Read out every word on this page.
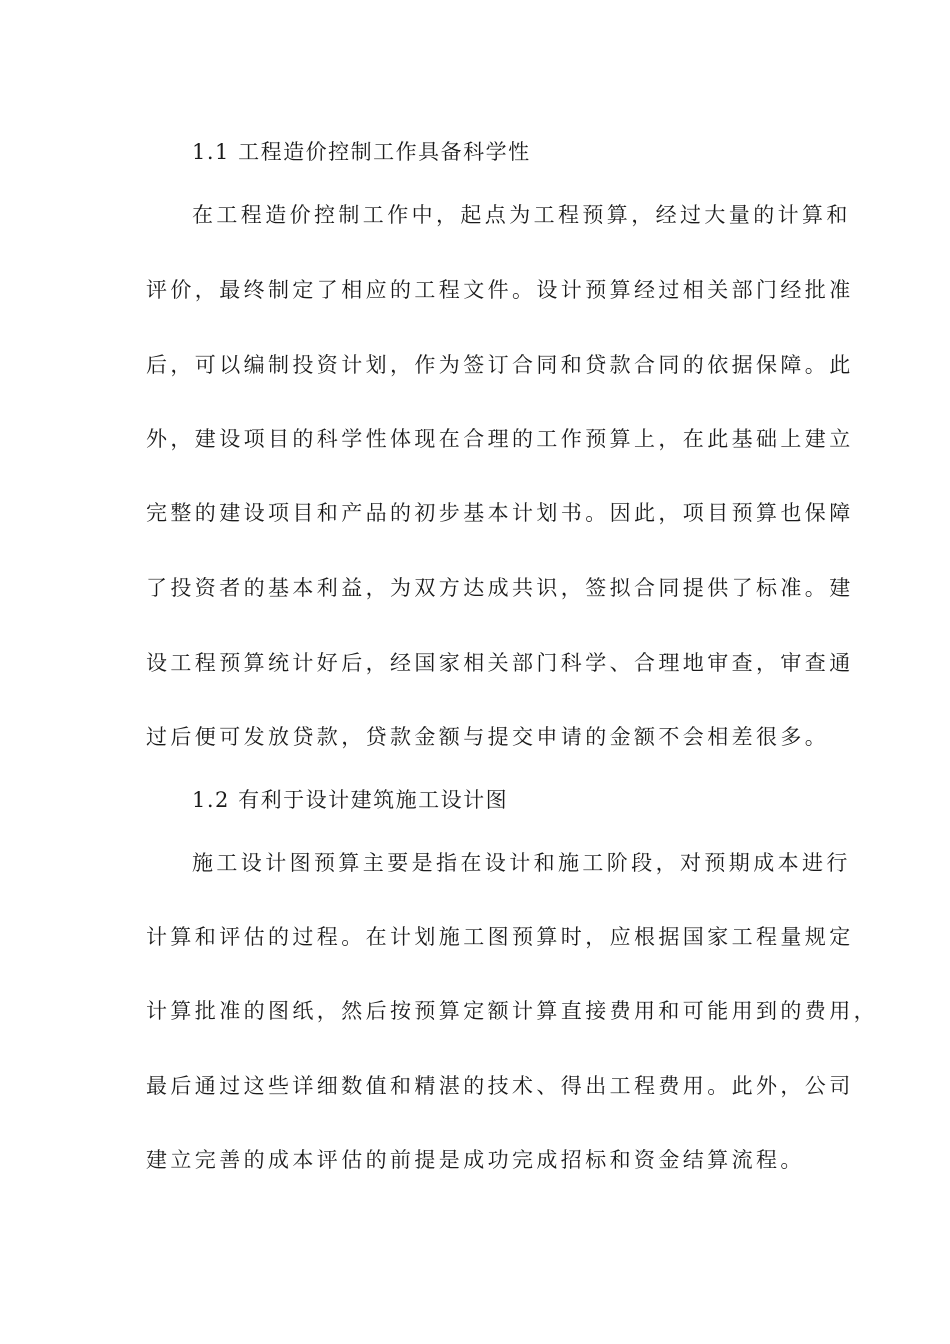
1.1 工程造价控制工作具备科学性
在工程造价控制工作中，起点为工程预算，经过大量的计算和
评价，最终制定了相应的工程文件。设计预算经过相关部门经批准
后，可以编制投资计划，作为签订合同和贷款合同的依据保障。此
外，建设项目的科学性体现在合理的工作预算上，在此基础上建立
完整的建设项目和产品的初步基本计划书。因此，项目预算也保障
了投资者的基本利益，为双方达成共识，签拟合同提供了标准。建
设工程预算统计好后，经国家相关部门科学、合理地审查，审查通
过后便可发放贷款，贷款金额与提交申请的金额不会相差很多。
1.2 有利于设计建筑施工设计图
施工设计图预算主要是指在设计和施工阶段，对预期成本进行
计算和评估的过程。在计划施工图预算时，应根据国家工程量规定
计算批准的图纸，然后按预算定额计算直接费用和可能用到的费用，
最后通过这些详细数值和精湛的技术、得出工程费用。此外，公司
建立完善的成本评估的前提是成功完成招标和资金结算流程。
